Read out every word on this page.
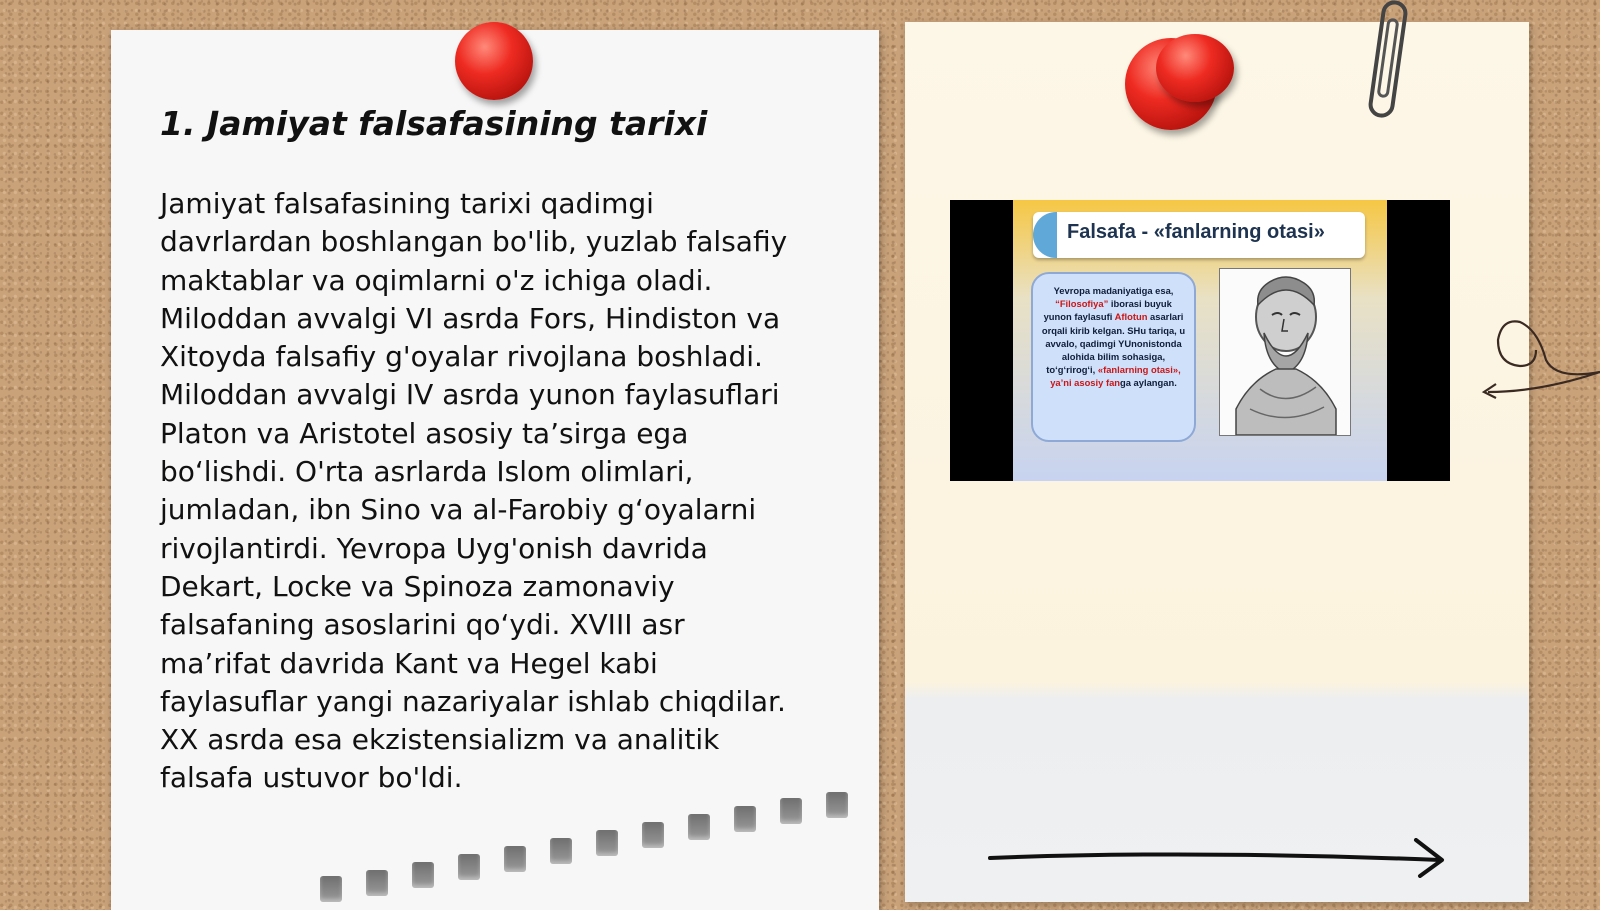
1. Jamiyat falsafasining tarixi
Jamiyat falsafasining tarixi qadimgi
davrlardan boshlangan bo'lib, yuzlab falsafiy
maktablar va oqimlarni o'z ichiga oladi.
Miloddan avvalgi VI asrda Fors, Hindiston va
Xitoyda falsafiy g'oyalar rivojlana boshladi.
Miloddan avvalgi IV asrda yunon faylasuflari
Platon va Aristotel asosiy ta’sirga ega
bo‘lishdi. O'rta asrlarda Islom olimlari,
jumladan, ibn Sino va al-Farobiy g‘oyalarni
rivojlantirdi. Yevropa Uyg'onish davrida
Dekart, Locke va Spinoza zamonaviy
falsafaning asoslarini qo‘ydi. XVIII asr
ma’rifat davrida Kant va Hegel kabi
faylasuflar yangi nazariyalar ishlab chiqdilar.
XX asrda esa ekzistensializm va analitik
falsafa ustuvor bo'ldi.

Falsafa - «fanlarning otasi»

Yevropa madaniyatiga esa, “Filosofiya” iborasi buyuk yunon faylasufi Aflotun asarlari orqali kirib kelgan. SHu tariqa, u avvalo, qadimgi YUnonistonda alohida bilim sohasiga, to‘g‘rirog‘i, «fanlarning otasi», ya’ni asosiy fanga aylangan.
